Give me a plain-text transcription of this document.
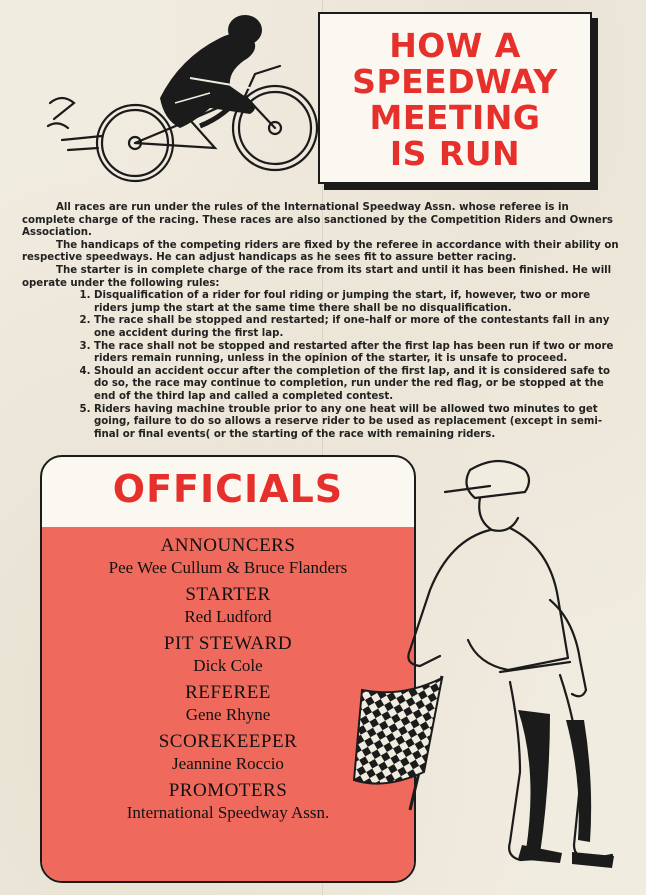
HOW A
SPEEDWAY
MEETING
IS RUN

All races are run under the rules of the International Speedway Assn. whose referee is in complete charge of the racing. These races are also sanctioned by the Competition Riders and Owners Association.

The handicaps of the competing riders are fixed by the referee in accordance with their ability on respective speedways. He can adjust handicaps as he sees fit to assure better racing.

The starter is in complete charge of the race from its start and until it has been finished. He will operate under the following rules:

1. Disqualification of a rider for foul riding or jumping the start, if, however, two or more riders jump the start at the same time there shall be no disqualification.
2. The race shall be stopped and restarted; if one-half or more of the contestants fall in any one accident during the first lap.
3. The race shall not be stopped and restarted after the first lap has been run if two or more riders remain running, unless in the opinion of the starter, it is unsafe to proceed.
4. Should an accident occur after the completion of the first lap, and it is considered safe to do so, the race may continue to completion, run under the red flag, or be stopped at the end of the third lap and called a completed contest.
5. Riders having machine trouble prior to any one heat will be allowed two minutes to get going, failure to do so allows a reserve rider to be used as replacement (except in semi-final or final events( or the starting of the race with remaining riders.
OFFICIALS
ANNOUNCERS
Pee Wee Cullum & Bruce Flanders
STARTER
Red Ludford
PIT STEWARD
Dick Cole
REFEREE
Gene Rhyne
SCOREKEEPER
Jeannine Roccio
PROMOTERS
International Speedway Assn.
